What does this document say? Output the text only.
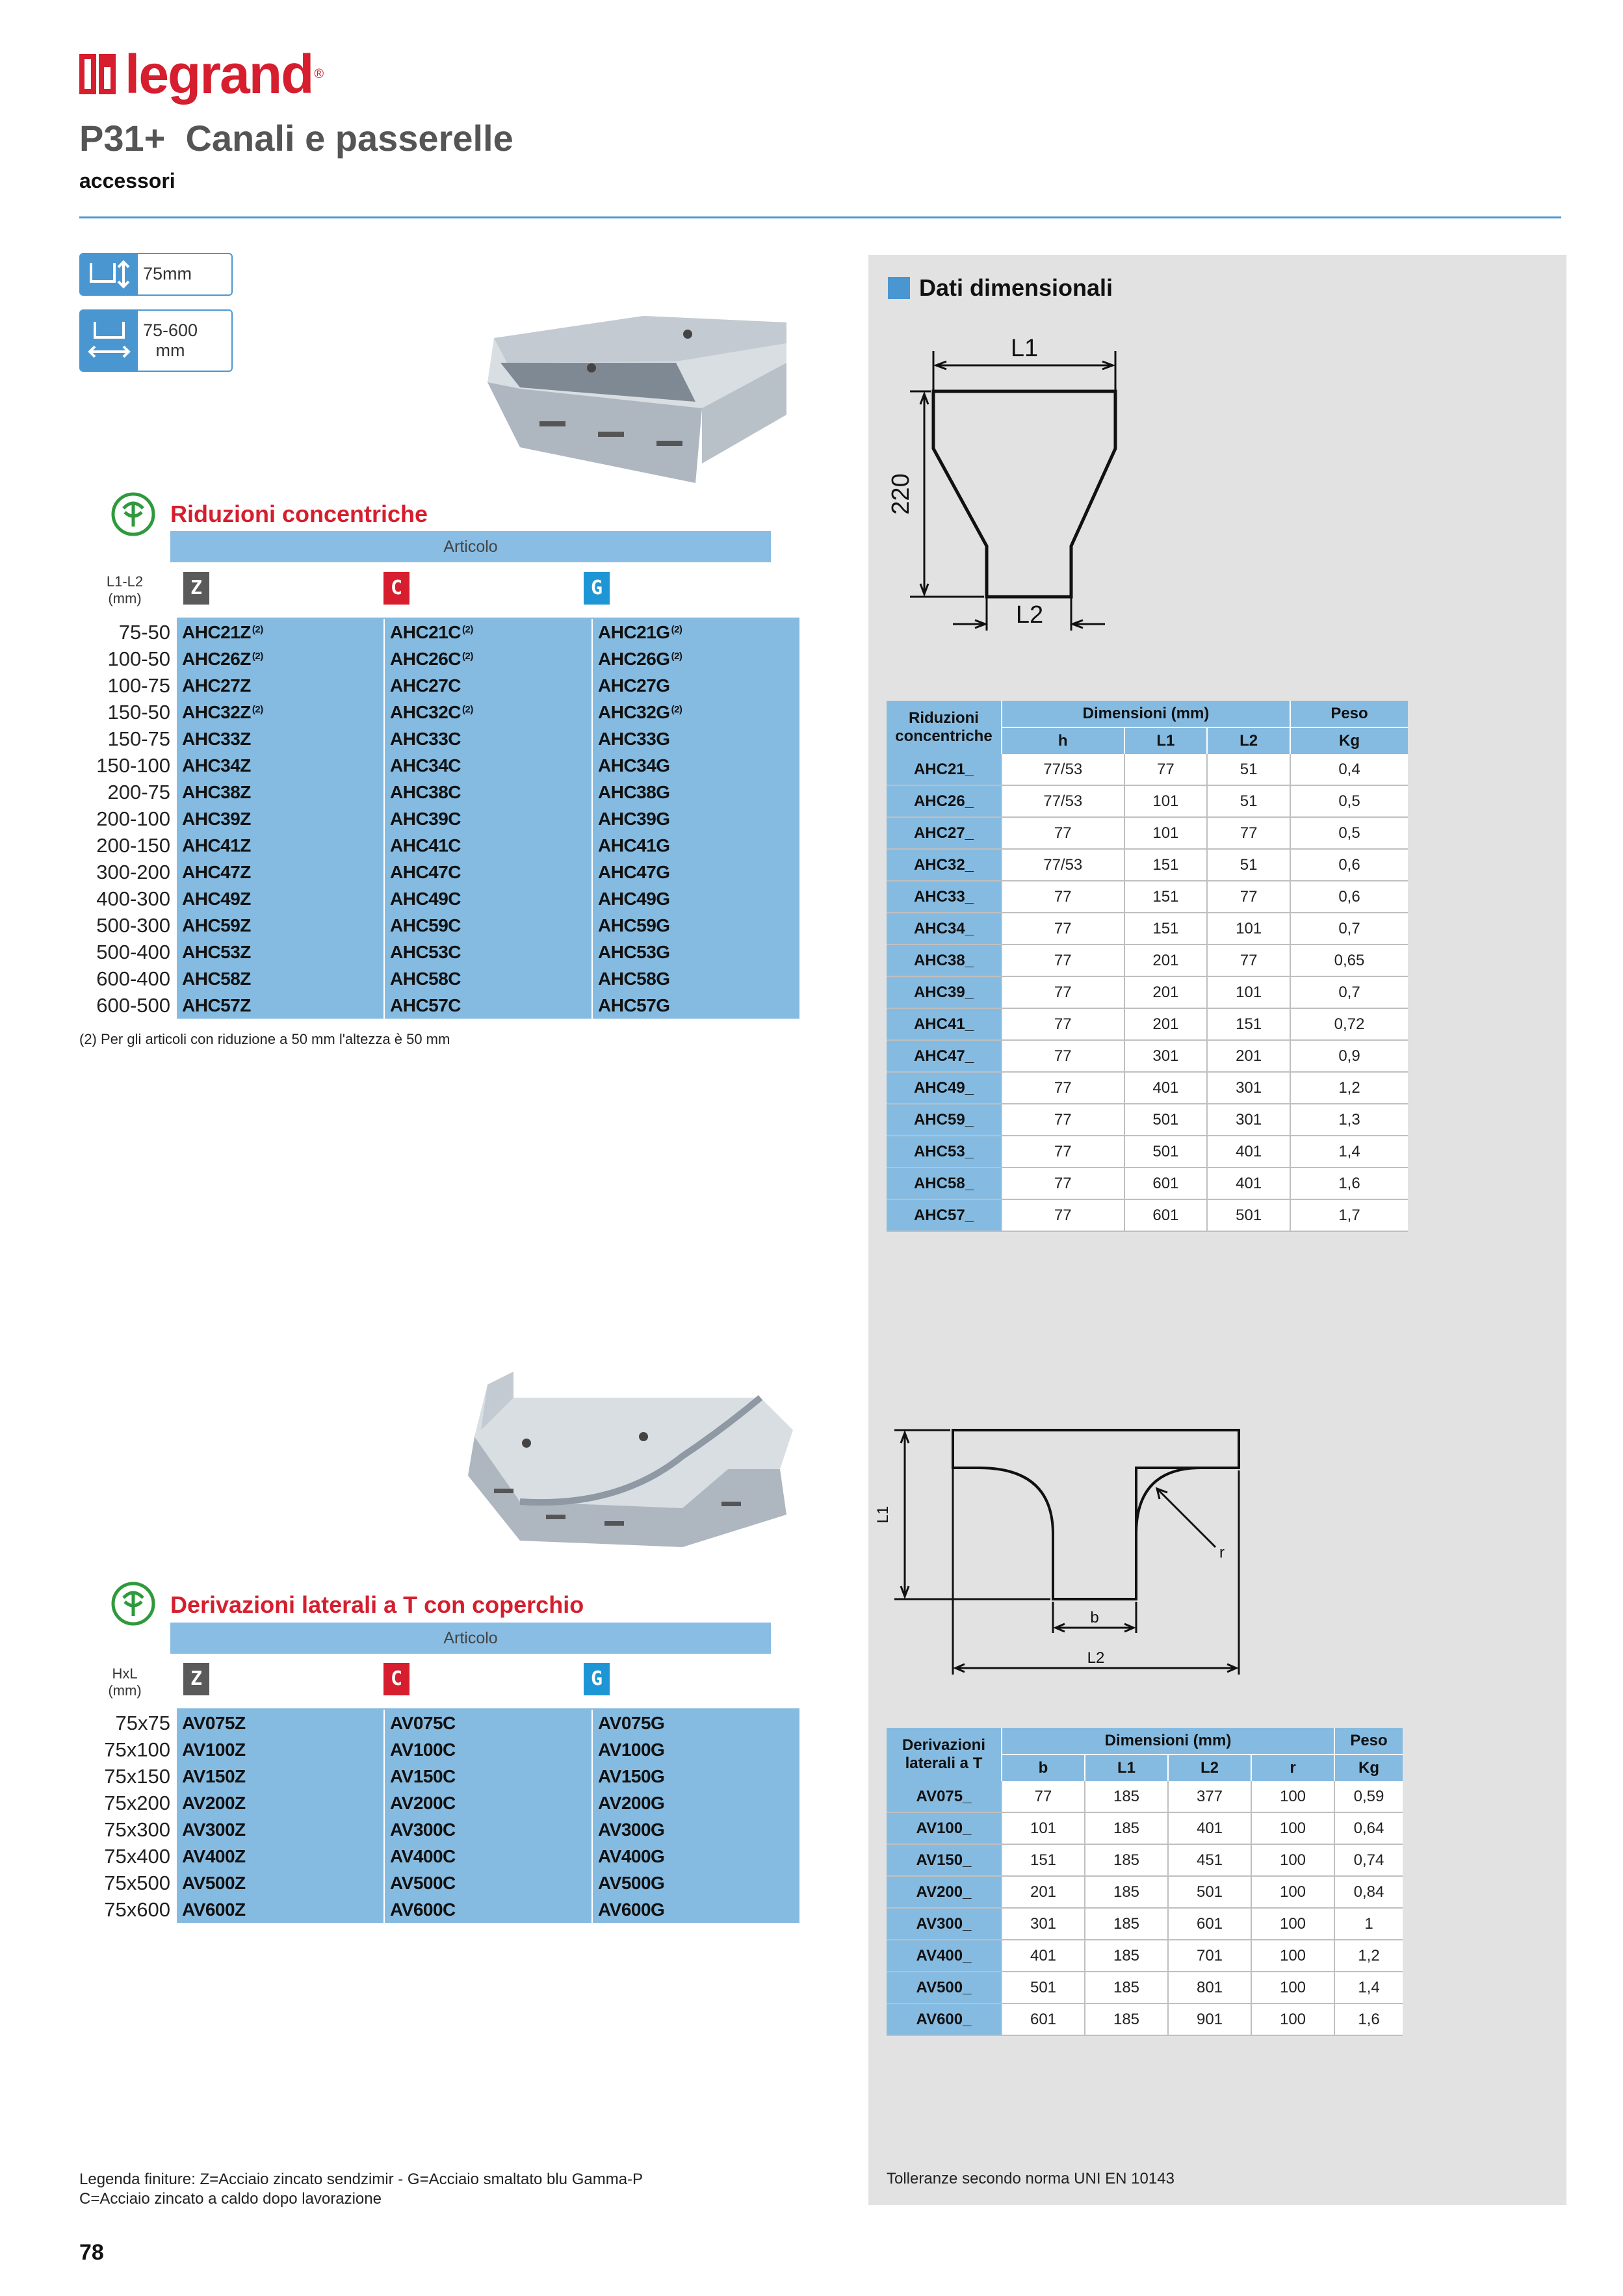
legrand ®
P31+  Canali e passerelle
accessori
75mm
75-600
mm
Riduzioni concentriche
Articolo
L1-L2
(mm)	Z	C	G
75-50	AHC21Z $^{(2)}$	AHC21C $^{(2)}$	AHC21G $^{(2)}$
100-50	AHC26Z $^{(2)}$	AHC26C $^{(2)}$	AHC26G $^{(2)}$
100-75	AHC27Z	AHC27C	AHC27G
150-50	AHC32Z $^{(2)}$	AHC32C $^{(2)}$	AHC32G $^{(2)}$
150-75	AHC33Z	AHC33C	AHC33G
150-100	AHC34Z	AHC34C	AHC34G
200-75	AHC38Z	AHC38C	AHC38G
200-100	AHC39Z	AHC39C	AHC39G
200-150	AHC41Z	AHC41C	AHC41G
300-200	AHC47Z	AHC47C	AHC47G
400-300	AHC49Z	AHC49C	AHC49G
500-300	AHC59Z	AHC59C	AHC59G
500-400	AHC53Z	AHC53C	AHC53G
600-400	AHC58Z	AHC58C	AHC58G
600-500	AHC57Z	AHC57C	AHC57G
(2) Per gli articoli con riduzione a 50 mm l'altezza è 50 mm
Dati dimensionali
L1
L2
220
Riduzioni concentriche	Dimensioni (mm)			Peso
	h	L1	L2	Kg
AHC21_	77/53	77	51	0,4
AHC26_	77/53	101	51	0,5
AHC27_	77	101	77	0,5
AHC32_	77/53	151	51	0,6
AHC33_	77	151	77	0,6
AHC34_	77	151	101	0,7
AHC38_	77	201	77	0,65
AHC39_	77	201	101	0,7
AHC41_	77	201	151	0,72
AHC47_	77	301	201	0,9
AHC49_	77	401	301	1,2
AHC59_	77	501	301	1,3
AHC53_	77	501	401	1,4
AHC58_	77	601	401	1,6
AHC57_	77	601	501	1,7
Derivazioni laterali a T con coperchio
Articolo
HxL
(mm)
Z	C	G
75x75	AV075Z	AV075C	AV075G
75x100	AV100Z	AV100C	AV100G
75x150	AV150Z	AV150C	AV150G
75x200	AV200Z	AV200C	AV200G
75x300	AV300Z	AV300C	AV300G
75x400	AV400Z	AV400C	AV400G
75x500	AV500Z	AV500C	AV500G
75x600	AV600Z	AV600C	AV600G
L1
b
L2
r
Derivazioni laterali a T	Dimensioni (mm)				Peso
	b	L1	L2	r	Kg
AV075_	77	185	377	100	0,59
AV100_	101	185	401	100	0,64
AV150_	151	185	451	100	0,74
AV200_	201	185	501	100	0,84
AV300_	301	185	601	100	1
AV400_	401	185	701	100	1,2
AV500_	501	185	801	100	1,4
AV600_	601	185	901	100	1,6
Legenda finiture: Z=Acciaio zincato sendzimir - G=Acciaio smaltato blu Gamma-P
C=Acciaio zincato a caldo dopo lavorazione
Tolleranze secondo norma UNI EN 10143
78
